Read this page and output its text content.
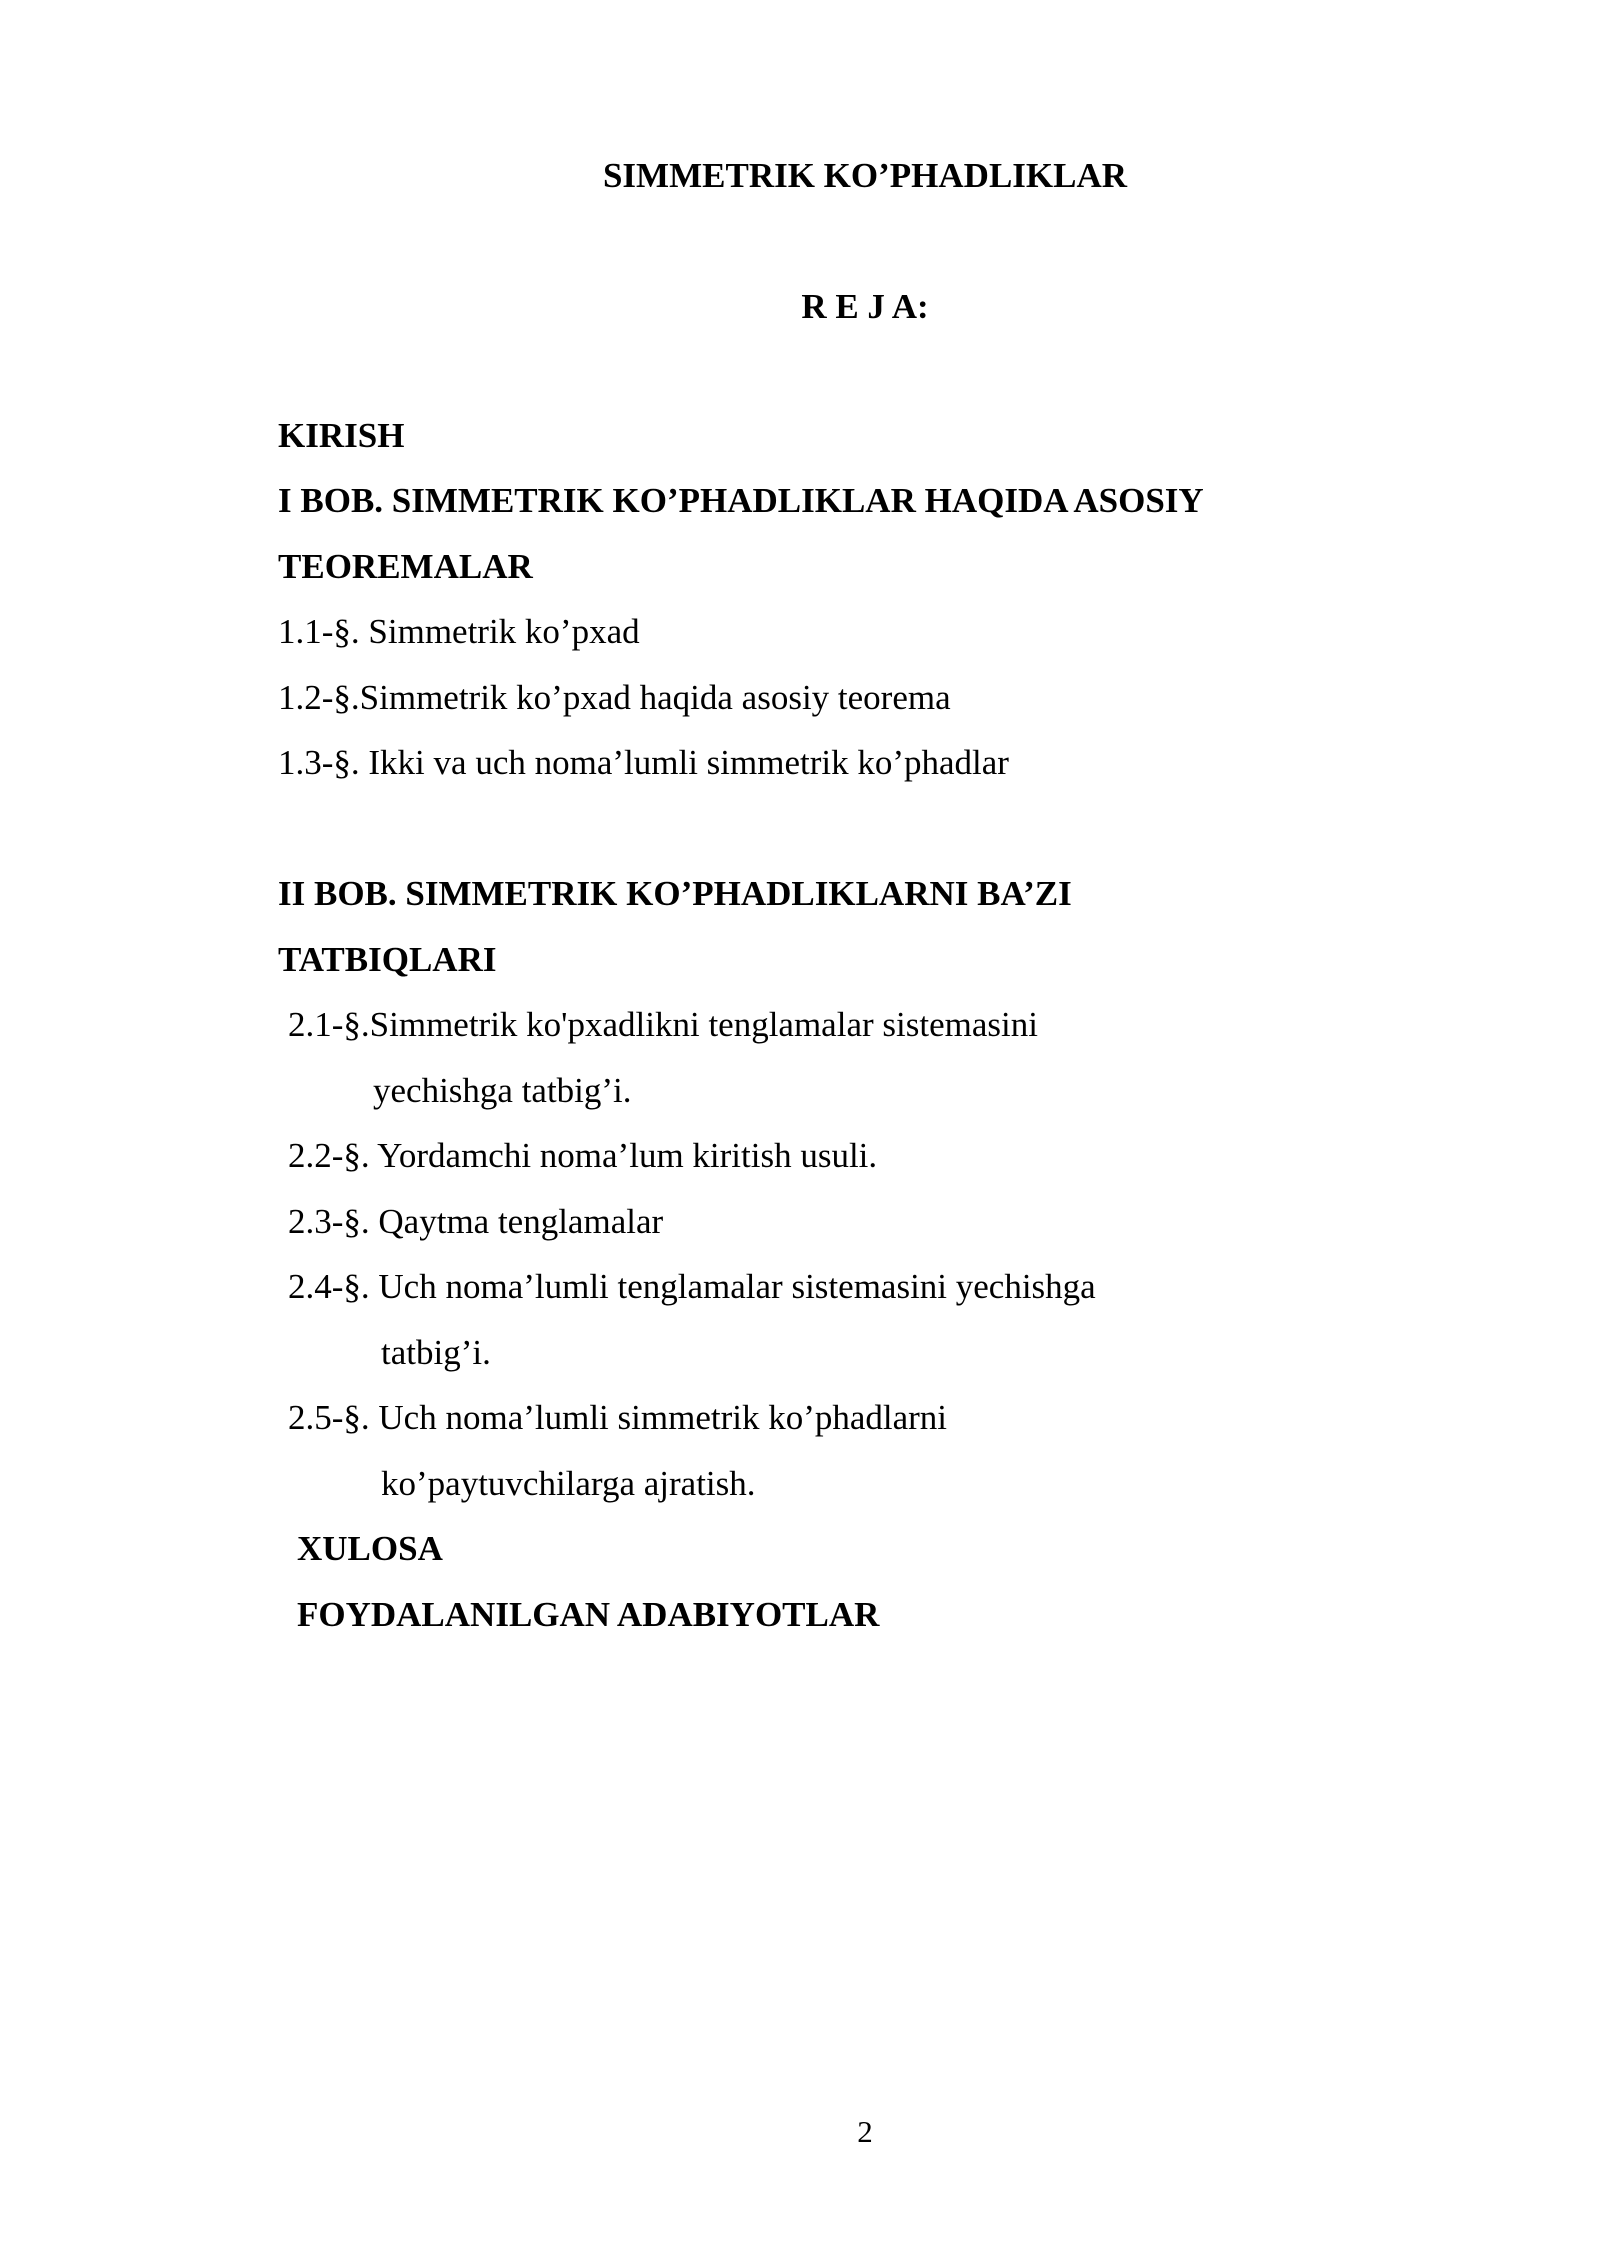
SIMMETRIK KO’PHADLIKLAR
R E J A:
KIRISH
I BOB. SIMMETRIK KO’PHADLIKLAR HAQIDA ASOSIY
TEOREMALAR
1.1-§. Simmetrik ko’pxad
1.2-§.Simmetrik ko’pxad haqida asosiy teorema
1.3-§. Ikki va uch noma’lumli simmetrik ko’phadlar
II BOB. SIMMETRIK KO’PHADLIKLARNI BA’ZI
TATBIQLARI
2.1-§.Simmetrik ko'pxadlikni tenglamalar sistemasini
yechishga tatbig’i.
2.2-§. Yordamchi noma’lum kiritish usuli.
2.3-§. Qaytma tenglamalar
2.4-§. Uch noma’lumli tenglamalar sistemasini yechishga
tatbig’i.
2.5-§. Uch noma’lumli simmetrik ko’phadlarni
ko’paytuvchilarga ajratish.
XULOSA
FOYDALANILGAN ADABIYOTLAR
2
